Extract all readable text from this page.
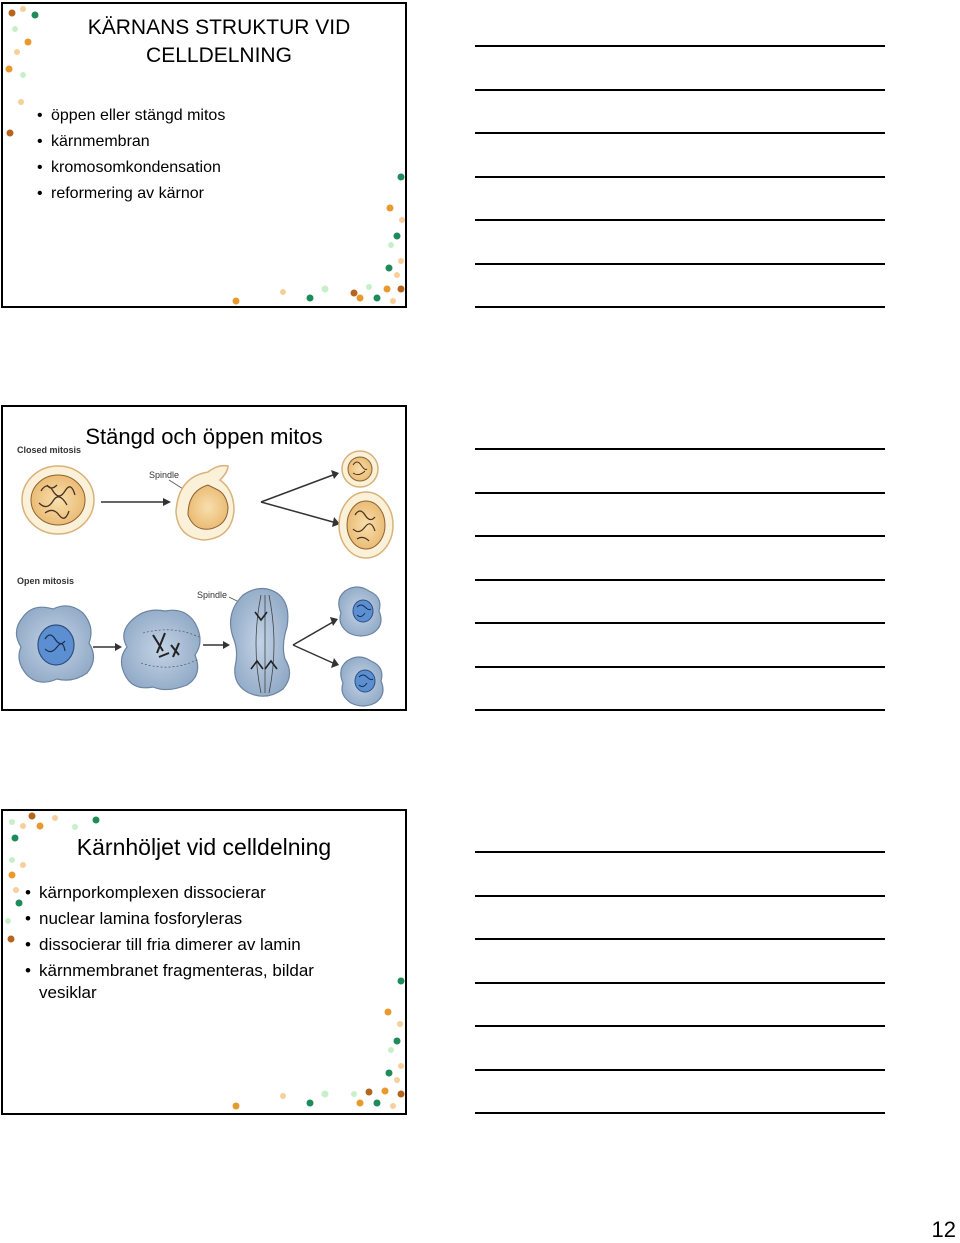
KÄRNANS STRUKTUR VID CELLDELNING
• öppen eller stängd mitos
• kärnmembran
• kromosomkondensation
• reformering av kärnor
Stängd och öppen mitos
Closed mitosis
Spindle
Open mitosis
Spindle
Kärnhöljet vid celldelning
• kärnporkomplexen dissocierar
• nuclear lamina fosforyleras
• dissocierar till fria dimerer av lamin
• kärnmembranet fragmenteras, bildar vesiklar
12
